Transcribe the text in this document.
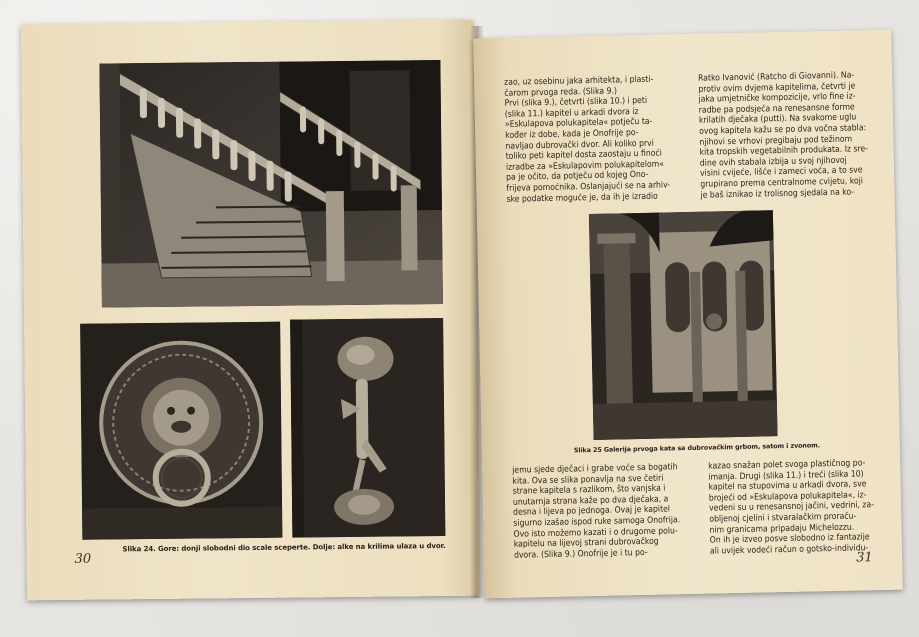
Slika 24. Gore: donji slobodni dio scale sceperte. Dolje: alke na krilima ulaza u dvor.
30

zao, uz osebinu jaka arhitekta, i plasti-

čarom prvoga reda. (Slika 9.)

Prvi (slika 9.), četvrti (slika 10.) i peti

(slika 11.) kapitel u arkadi dvora iz

»Eskulapova polukapitela« potječu ta-

kođer iz dobe, kada je Onofrije po-

navljao dubrovački dvor. Ali koliko prvi

toliko peti kapitel dosta zaostaju u finoći

izradbe za »Eskulapovim polukapitelom«

pa je očito, da potječu od kojeg Ono-

frijeva pomoćnika. Oslanjajući se na arhiv-

ske podatke moguće je, da ih je izradio

Ratko Ivanović (Ratcho di Giovanni). Na-

protiv ovim dvjema kapitelima, četvrti je

jaka umjetničke kompozicije, vrlo fine iz-

radbe pa podsjeća na renesansne forme

krilatih dječaka (putti). Na svakome uglu

ovog kapitela kažu se po dva vočna stabla:

njihovi se vrhovi pregibaju pod težinom

kita tropskih vegetabilnih produkata. Iz sre-

dine ovih stabala izbija u svoj njihovoj

visini cvijeće, lišće i zameci voća, a to sve

grupirano prema centralnome cvijetu, koji

je baš iznikao iz trolisnog sjedala na ko-

Slika 25 Galerija prvoga kata sa dubrovačkim grbom, satom i zvonom.

jemu sjede dječaci i grabe voće sa bogatih

kita. Ova se slika ponavlja na sve četiri

strane kapitela s razlikom, što vanjska i

unutarnja strana kaže po dva dječaka, a

desna i lijeva po jednoga. Ovaj je kapitel

sigurno izašao ispod ruke samoga Onofrija.

Ovo isto možemo kazati i o drugome polu-

kapitelu na lijevoj strani dubrovačkog

dvora. (Slika 9.) Onofrije je i tu po-

kazao snažan polet svoga plastičnog po-

imanja. Drugi (slika 11.) i treći (slika 10)

kapitel na stupovima u arkadi dvora, sve

brojeći od »Eskulapova polukapitela«, iz-

vedeni su u renesansnoj jačini, vedrini, za-

obljenoj cjelini i stvaralačkim proraču-

nim granicama pripadaju Michelozzu.

On ih je izveo posve slobodno iz fantazije

ali uvijek vodeći račun o gotsko-individu-

31
